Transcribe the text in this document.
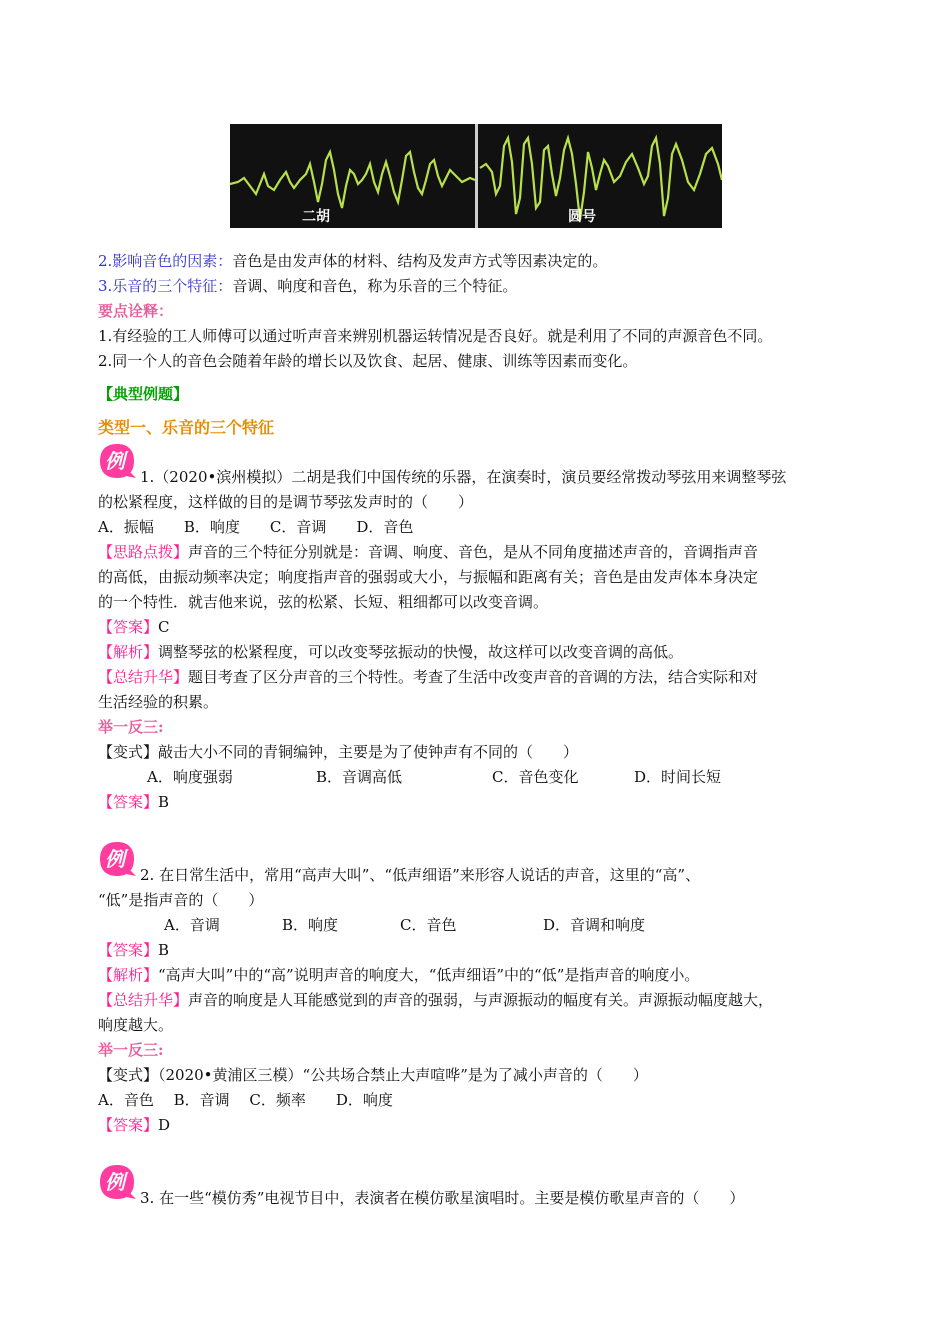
二胡	圆号
2.影响音色的因素：音色是由发声体的材料、结构及发声方式等因素决定的。
3.乐音的三个特征：音调、响度和音色，称为乐音的三个特征。
要点诠释：
1.有经验的工人师傅可以通过听声音来辨别机器运转情况是否良好。就是利用了不同的声源音色不同。
2.同一个人的音色会随着年龄的增长以及饮食、起居、健康、训练等因素而变化。
【典型例题】
类型一、乐音的三个特征
例
1.（2020•滨州模拟）二胡是我们中国传统的乐器，在演奏时，演员要经常拨动琴弦用来调整琴弦
的松紧程度，这样做的目的是调节琴弦发声时的（　　）
A．振幅　　B．响度　　C．音调　　D．音色
【思路点拨】声音的三个特征分别就是：音调、响度、音色，是从不同角度描述声音的，音调指声音
的高低，由振动频率决定；响度指声音的强弱或大小，与振幅和距离有关；音色是由发声体本身决定
的一个特性．就吉他来说，弦的松紧、长短、粗细都可以改变音调。
【答案】C
【解析】调整琴弦的松紧程度，可以改变琴弦振动的快慢，故这样可以改变音调的高低。
【总结升华】题目考查了区分声音的三个特性。考查了生活中改变声音的音调的方法，结合实际和对
生活经验的积累。
举一反三:
【变式】敲击大小不同的青铜编钟，主要是为了使钟声有不同的（　　）
A．响度强弱	B．音调高低	C．音色变化	D．时间长短
【答案】B
例
2. 在日常生活中，常用“高声大叫”、“低声细语”来形容人说话的声音，这里的“高”、
“低”是指声音的（　　）
A．音调	B．响度	C．音色	D．音调和响度
【答案】B
【解析】“高声大叫”中的“高”说明声音的响度大，“低声细语”中的“低”是指声音的响度小。
【总结升华】声音的响度是人耳能感觉到的声音的强弱，与声源振动的幅度有关。声源振动幅度越大，
响度越大。
举一反三:
【变式】（2020•黄浦区三模）“公共场合禁止大声喧哗”是为了减小声音的（　　）
A．音色　 B．音调　 C．频率　　D．响度
【答案】D
例
3. 在一些“模仿秀”电视节目中，表演者在模仿歌星演唱时。主要是模仿歌星声音的（　　）
